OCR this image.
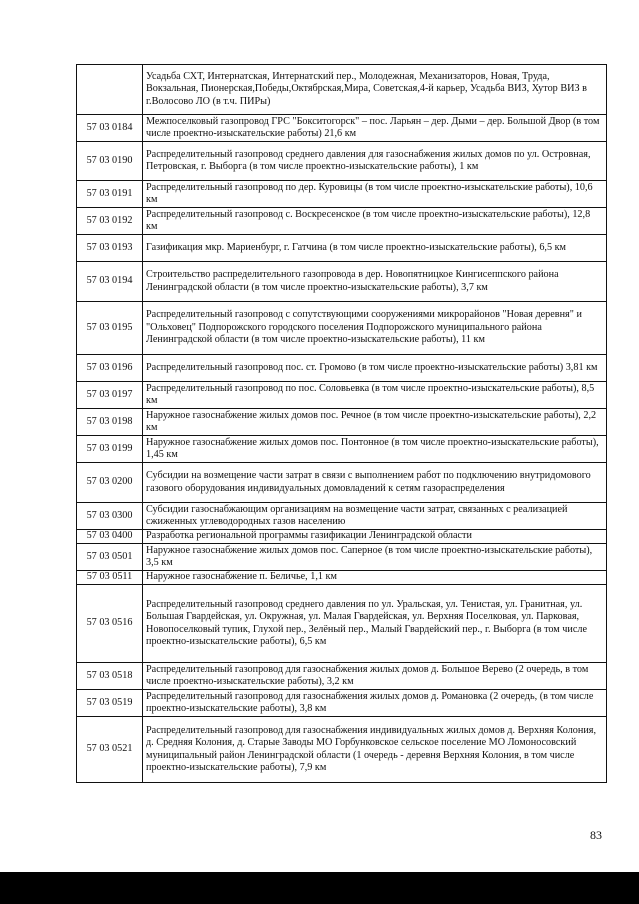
	Усадьба СХТ, Интернатская, Интернатский пер., Молодежная, Механизаторов, Новая, Труда, Вокзальная, Пионерская,Победы,Октябрская,Мира, Советская,4-й карьер, Усадьба ВИЗ, Хутор ВИЗ в г.Волосово ЛО (в т.ч. ПИРы)
57 03 0184	Межпоселковый газопровод ГРС "Бокситогорск" – пос. Ларьян – дер. Дыми – дер. Большой Двор (в том числе проектно-изыскательские работы) 21,6 км
57 03 0190	Распределительный газопровод среднего давления для газоснабжения жилых домов по ул. Островная, Петровская, г. Выборга (в том числе проектно-изыскательские работы), 1 км
57 03 0191	Распределительный газопровод по дер. Куровицы (в том числе проектно-изыскательские работы), 10,6 км
57 03 0192	Распределительный газопровод с. Воскресенское (в том числе проектно-изыскательские работы), 12,8 км
57 03 0193	Газификация мкр. Мариенбург, г. Гатчина (в том числе проектно-изыскательские работы), 6,5 км
57 03 0194	Строительство распределительного газопровода в дер. Новопятницкое Кингисеппского района Ленинградской области (в том числе проектно-изыскательские работы), 3,7 км
57 03 0195	Распределительный газопровод с сопутствующими сооружениями микрорайонов "Новая деревня" и "Ольховец" Подпорожского городского поселения Подпорожского муниципального района Ленинградской области (в том числе проектно-изыскательские работы), 11 км
57 03 0196	Распределительный газопровод пос. ст. Громово (в том числе проектно-изыскательские работы) 3,81 км
57 03 0197	Распределительный газопровод по пос. Соловьевка (в том числе проектно-изыскательские работы), 8,5 км
57 03 0198	Наружное газоснабжение жилых домов пос. Речное (в том числе проектно-изыскательские работы), 2,2 км
57 03 0199	Наружное газоснабжение жилых домов пос. Понтонное (в том числе проектно-изыскательские работы), 1,45 км
57 03 0200	Субсидии на возмещение части затрат в связи с выполнением работ по подключению внутридомового газового оборудования индивидуальных домовладений к сетям газораспределения
57 03 0300	Субсидии газоснабжающим организациям на возмещение части затрат, связанных с реализацией сжиженных углеводородных газов населению
57 03 0400	Разработка региональной программы газификации Ленинградской области
57 03 0501	Наружное газоснабжение жилых домов пос. Саперное (в том числе проектно-изыскательские работы), 3,5 км
57 03 0511	Наружное газоснабжение п. Беличье, 1,1 км
57 03 0516	Распределительный газопровод среднего давления по ул. Уральская, ул. Тенистая, ул. Гранитная, ул. Большая Гвардейская, ул. Окружная, ул. Малая Гвардейская, ул. Верхняя Поселковая, ул. Парковая, Новопоселковый тупик, Глухой пер., Зелёный пер., Малый Гвардейский пер., г. Выборга (в том числе проектно-изыскательские работы), 6,5 км
57 03 0518	Распределительный газопровод для газоснабжения жилых домов д. Большое Верево (2 очередь, в том числе проектно-изыскательские работы), 3,2 км
57 03 0519	Распределительный газопровод для газоснабжения жилых домов д. Романовка (2 очередь, (в том числе проектно-изыскательские работы), 3,8 км
57 03 0521	Распределительный газопровод для газоснабжения индивидуальных жилых домов д. Верхняя Колония, д. Средняя Колония, д. Старые Заводы МО Горбунковское сельское поселение МО Ломоносовский муниципальный район Ленинградской области (1 очередь - деревня Верхняя Колония, в том числе проектно-изыскательские работы), 7,9 км
83
